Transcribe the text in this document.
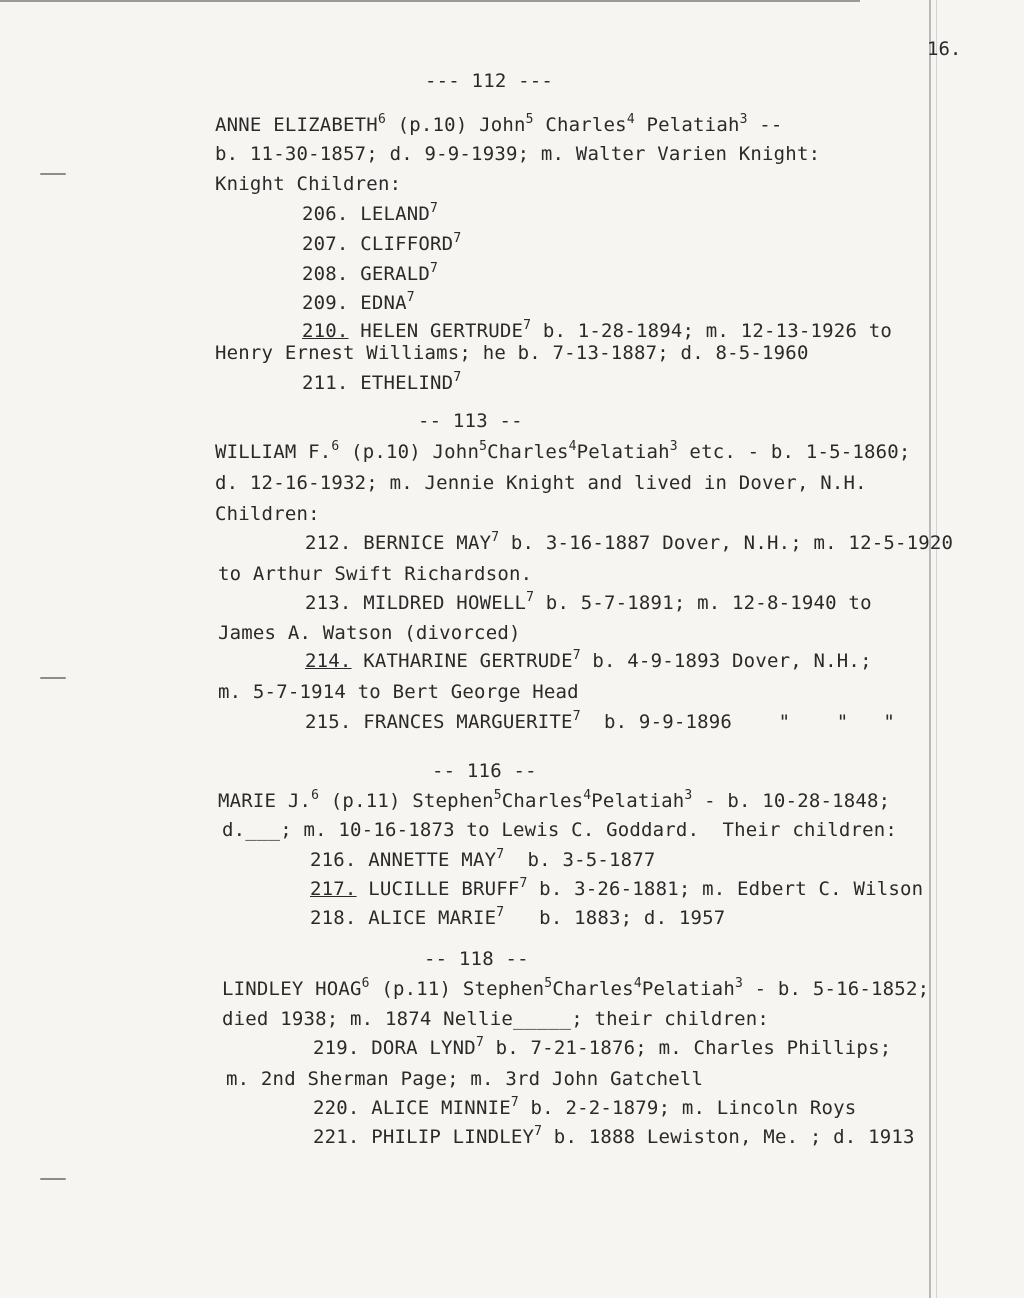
16.
--- 112 ---
ANNE ELIZABETH$^6$ (p.10) John$^5$ Charles$^4$ Pelatiah$^3$ --
b. 11-30-1857; d. 9-9-1939; m. Walter Varien Knight:
Knight Children:
206. LELAND$^7$
207. CLIFFORD$^7$
208. GERALD$^7$
209. EDNA$^7$
210. HELEN GERTRUDE$^7$ b. 1-28-1894; m. 12-13-1926 to
Henry Ernest Williams; he b. 7-13-1887; d. 8-5-1960
211. ETHELIND$^7$
-- 113 --
WILLIAM F.$^6$ (p.10) John$^5$Charles$^4$Pelatiah$^3$ etc. - b. 1-5-1860;
d. 12-16-1932; m. Jennie Knight and lived in Dover, N.H.
Children:
212. BERNICE MAY$^7$ b. 3-16-1887 Dover, N.H.; m. 12-5-1920
to Arthur Swift Richardson.
213. MILDRED HOWELL$^7$ b. 5-7-1891; m. 12-8-1940 to
James A. Watson (divorced)
214. KATHARINE GERTRUDE$^7$ b. 4-9-1893 Dover, N.H.;
m. 5-7-1914 to Bert George Head
215. FRANCES MARGUERITE$^7$  b. 9-9-1896    "    "   "
-- 116 --
MARIE J.$^6$ (p.11) Stephen$^5$Charles$^4$Pelatiah$^3$ - b. 10-28-1848;
d.___; m. 10-16-1873 to Lewis C. Goddard.  Their children:
216. ANNETTE MAY$^7$  b. 3-5-1877
217. LUCILLE BRUFF$^7$ b. 3-26-1881; m. Edbert C. Wilson
218. ALICE MARIE$^7$   b. 1883; d. 1957
-- 118 --
LINDLEY HOAG$^6$ (p.11) Stephen$^5$Charles$^4$Pelatiah$^3$ - b. 5-16-1852;
died 1938; m. 1874 Nellie_____; their children:
219. DORA LYND$^7$ b. 7-21-1876; m. Charles Phillips;
m. 2nd Sherman Page; m. 3rd John Gatchell
220. ALICE MINNIE$^7$ b. 2-2-1879; m. Lincoln Roys
221. PHILIP LINDLEY$^7$ b. 1888 Lewiston, Me. ; d. 1913
